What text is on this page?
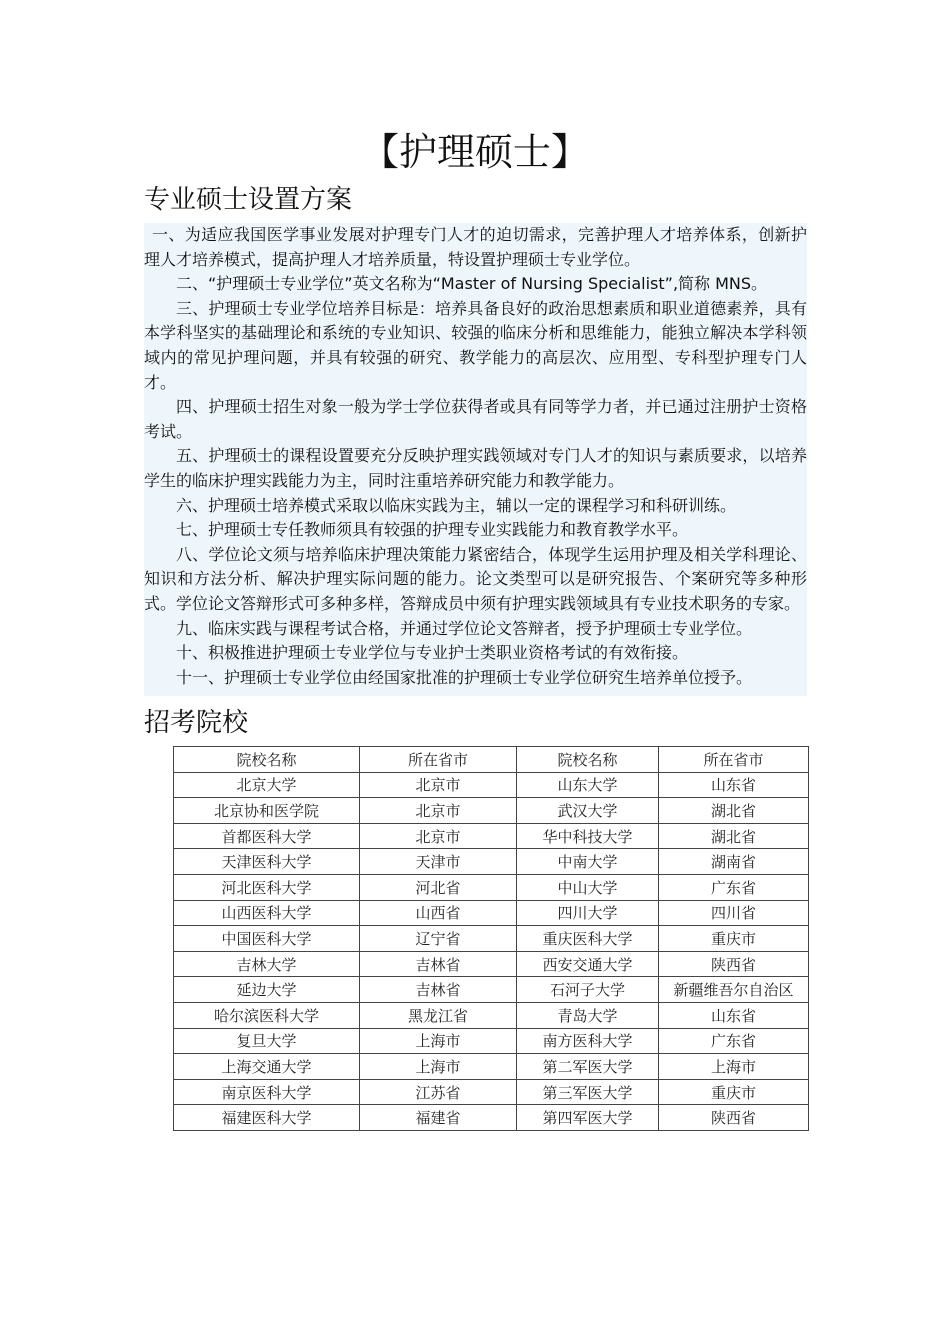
【护理硕士】
专业硕士设置方案

一、为适应我国医学事业发展对护理专门人才的迫切需求，完善护理人才培养体系，创新护理人才培养模式，提高护理人才培养质量，特设置护理硕士专业学位。

二、“护理硕士专业学位”英文名称为“Master of Nursing Specialist”,简称 MNS。

三、护理硕士专业学位培养目标是：培养具备良好的政治思想素质和职业道德素养，具有本学科坚实的基础理论和系统的专业知识、较强的临床分析和思维能力，能独立解决本学科领域内的常见护理问题，并具有较强的研究、教学能力的高层次、应用型、专科型护理专门人才。

四、护理硕士招生对象一般为学士学位获得者或具有同等学力者，并已通过注册护士资格考试。

五、护理硕士的课程设置要充分反映护理实践领域对专门人才的知识与素质要求，以培养学生的临床护理实践能力为主，同时注重培养研究能力和教学能力。

六、护理硕士培养模式采取以临床实践为主，辅以一定的课程学习和科研训练。

七、护理硕士专任教师须具有较强的护理专业实践能力和教育教学水平。

八、学位论文须与培养临床护理决策能力紧密结合，体现学生运用护理及相关学科理论、知识和方法分析、解决护理实际问题的能力。论文类型可以是研究报告、个案研究等多种形式。学位论文答辩形式可多种多样，答辩成员中须有护理实践领域具有专业技术职务的专家。

九、临床实践与课程考试合格，并通过学位论文答辩者，授予护理硕士专业学位。

十、积极推进护理硕士专业学位与专业护士类职业资格考试的有效衔接。

十一、护理硕士专业学位由经国家批准的护理硕士专业学位研究生培养单位授予。

招考院校
院校名称	所在省市	院校名称	所在省市
北京大学	北京市	山东大学	山东省
北京协和医学院	北京市	武汉大学	湖北省
首都医科大学	北京市	华中科技大学	湖北省
天津医科大学	天津市	中南大学	湖南省
河北医科大学	河北省	中山大学	广东省
山西医科大学	山西省	四川大学	四川省
中国医科大学	辽宁省	重庆医科大学	重庆市
吉林大学	吉林省	西安交通大学	陕西省
延边大学	吉林省	石河子大学	新疆维吾尔自治区
哈尔滨医科大学	黑龙江省	青岛大学	山东省
复旦大学	上海市	南方医科大学	广东省
上海交通大学	上海市	第二军医大学	上海市
南京医科大学	江苏省	第三军医大学	重庆市
福建医科大学	福建省	第四军医大学	陕西省
